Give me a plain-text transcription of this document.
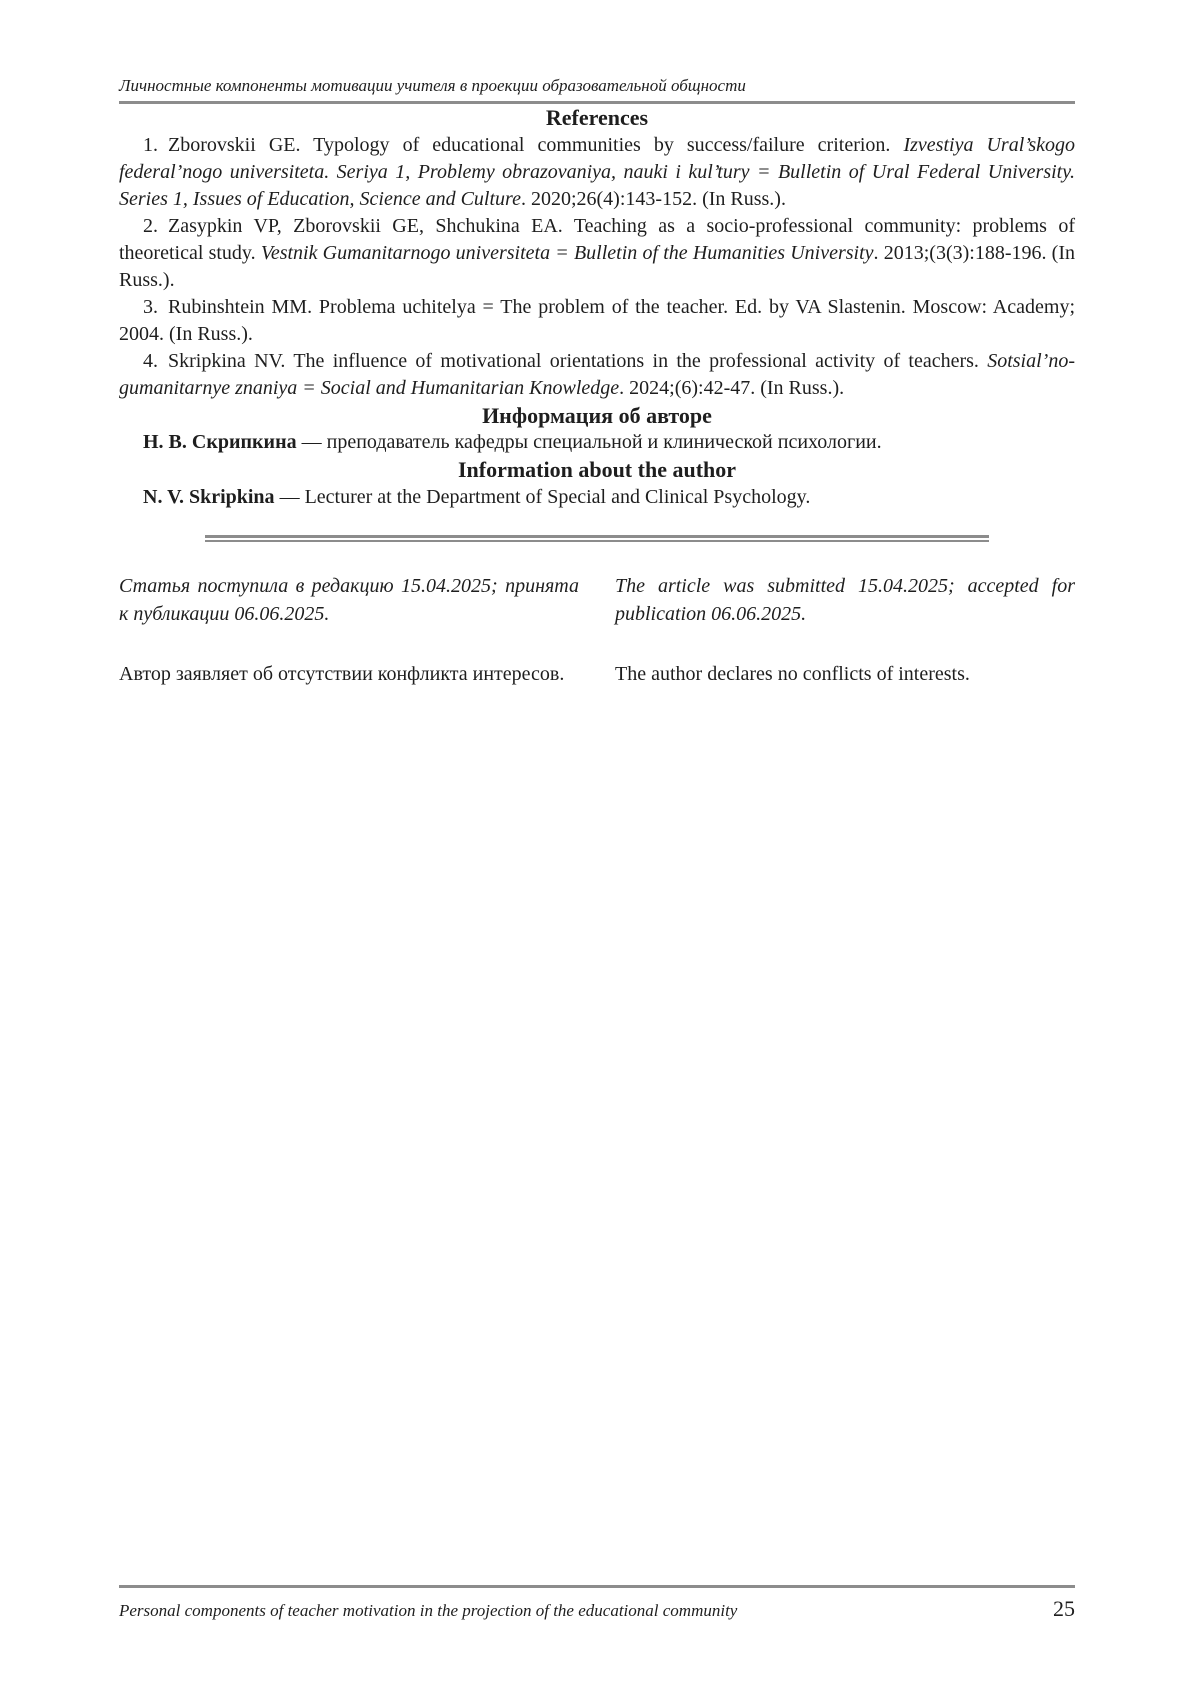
Личностные компоненты мотивации учителя в проекции образовательной общности
References

1. Zborovskii GE. Typology of educational communities by success/failure criterion. Izvestiya Ural’skogo federal’nogo universiteta. Seriya 1, Problemy obrazovaniya, nauki i kul’tury = Bulletin of Ural Federal University. Series 1, Issues of Education, Science and Culture. 2020;26(4):143-152. (In Russ.).

2. Zasypkin VP, Zborovskii GE, Shchukina EA. Teaching as a socio-professional community: problems of theoretical study. Vestnik Gumanitarnogo universiteta = Bulletin of the Humanities University. 2013;(3(3):188-196. (In Russ.).

3. Rubinshtein MM. Problema uchitelya = The problem of the teacher. Ed. by VA Slastenin. Moscow: Academy; 2004. (In Russ.).

4. Skripkina NV. The influence of motivational orientations in the professional activity of teachers. Sotsial’no-gumanitarnye znaniya = Social and Humanitarian Knowledge. 2024;(6):42-47. (In Russ.).

Информация об авторе

Н. В. Скрипкина — преподаватель кафедры специальной и клинической психологии.

Information about the author

N. V. Skripkina — Lecturer at the Department of Special and Clinical Psychology.

Статья поступила в редакцию 15.04.2025; принята к публикации 06.06.2025.

The article was submitted 15.04.2025; accepted for publication 06.06.2025.

Автор заявляет об отсутствии конфликта интересов.	The author declares no conflicts of interests.

Personal components of teacher motivation in the projection of the educational community	25
